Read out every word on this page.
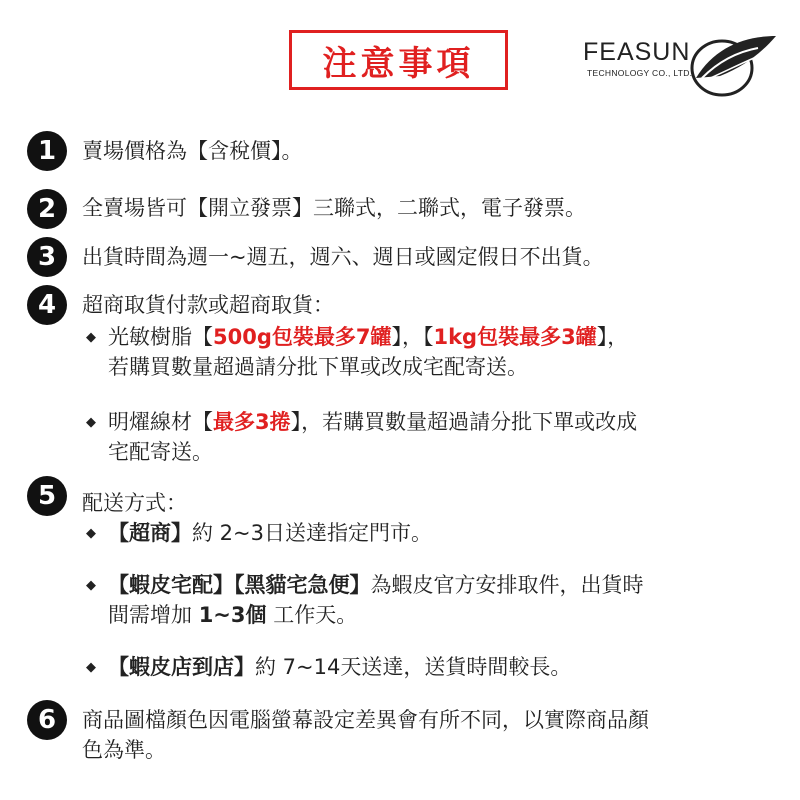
注意事項	FEASUN
TECHNOLOGY CO., LTD.
1	賣場價格為【含稅價】。
2	全賣場皆可【開立發票】三聯式，二聯式，電子發票。
3	出貨時間為週一~週五，週六、週日或國定假日不出貨。
4	超商取貨付款或超商取貨：
◆ 光敏樹脂【500g包裝最多7罐】，【1kg包裝最多3罐】，
若購買數量超過請分批下單或改成宅配寄送。
◆ 明燿線材【最多3捲】，若購買數量超過請分批下單或改成
宅配寄送。
5	配送方式：
◆ 【超商】約 2~3日送達指定門市。
◆ 【蝦皮宅配】【黑貓宅急便】為蝦皮官方安排取件，出貨時
間需增加 1~3個 工作天。
◆ 【蝦皮店到店】約 7~14天送達，送貨時間較長。
6	商品圖檔顏色因電腦螢幕設定差異會有所不同，以實際商品顏
色為準。
